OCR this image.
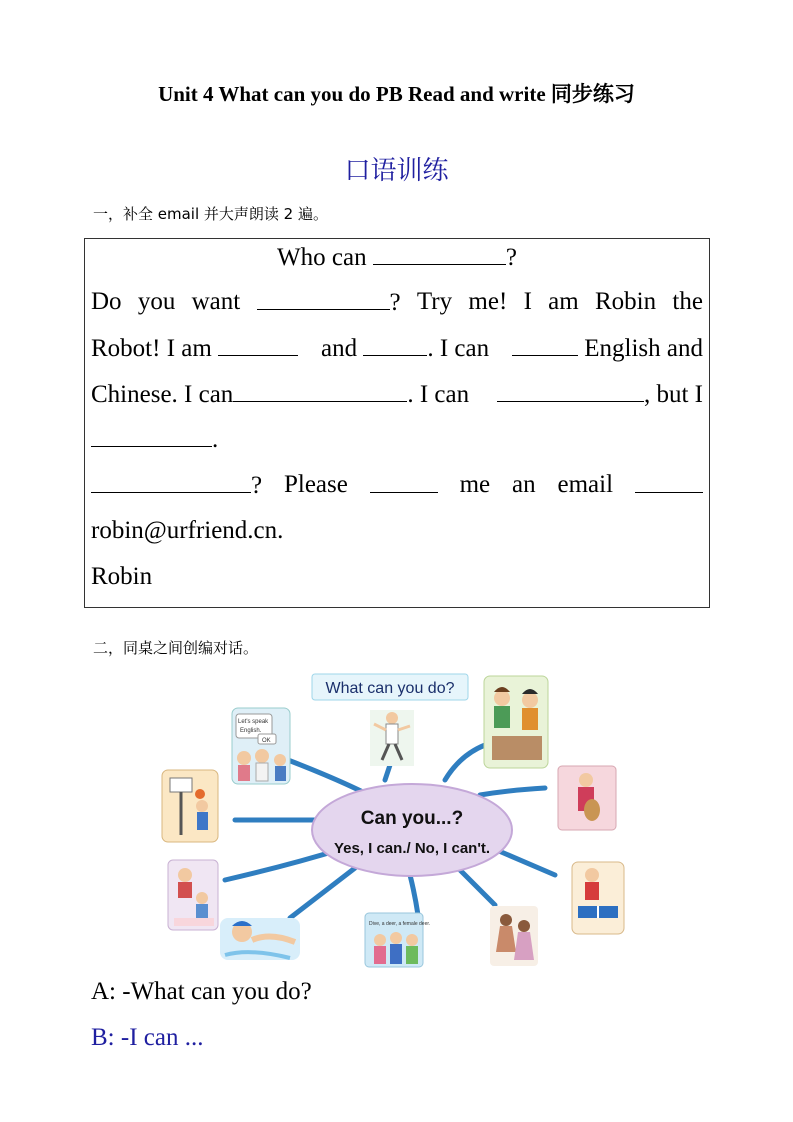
Unit 4 What can you do PB Read and write 同步练习
口语训练
一，补全 email 并大声朗读 2 遍。
Who can	?
Do you want	? Try me! I am Robin the
Robot! I am	and	. I can	English and
Chinese. I can	. I can	, but I
.
? Please	me an email
robin@urfriend.cn.
Robin
二，同桌之间创编对话。
What can you do?
Can you...?
Yes, I can./ No, I can't.
Let's speak
English.
OK
Dive, a deer, a female deer.
A: -What can you do?
B: -I can ...
